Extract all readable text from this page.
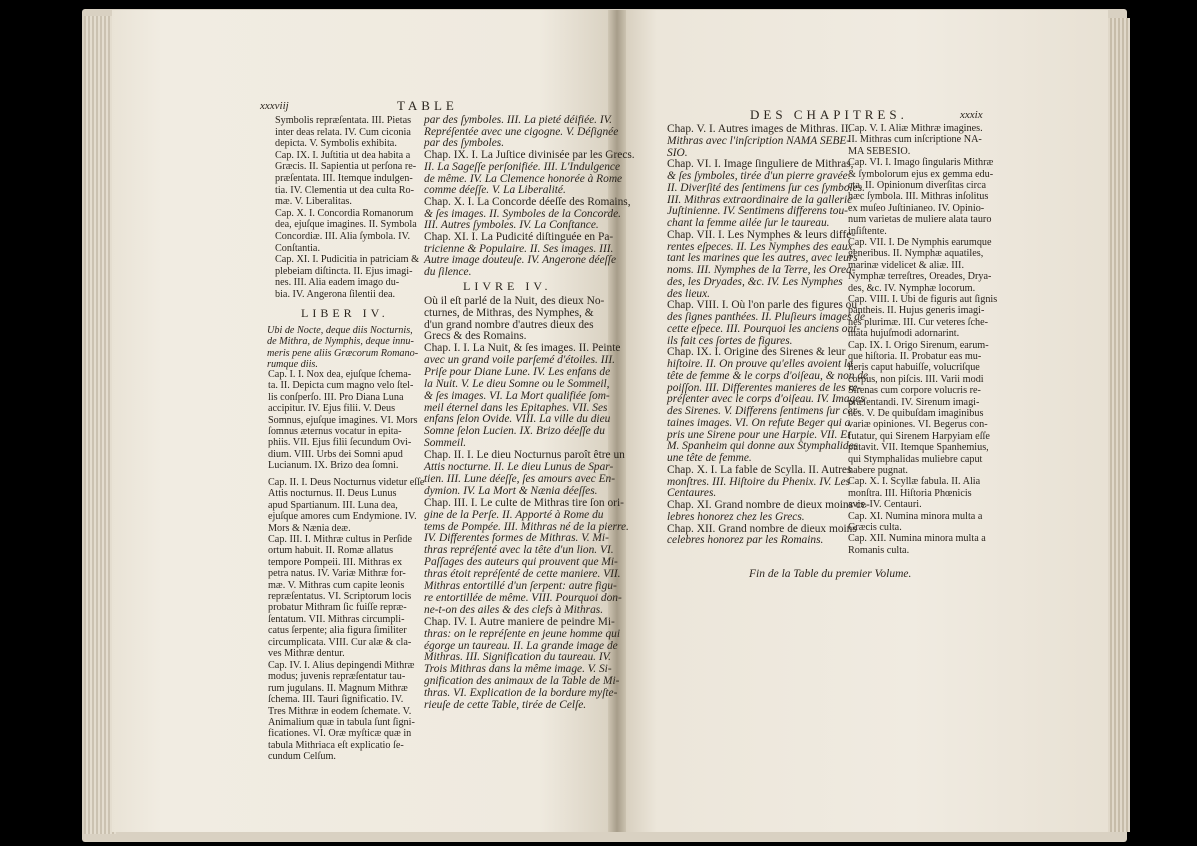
xxxviij	TABLE
LIBER IV.
LIVRE IV.
DES CHAPITRES.	xxxix
Fin de la Table du premier Volume.
Symbolis repræſentata. III. Pietas
inter deas relata. IV. Cum ciconia
depicta. V. Symbolis exhibita.
Cap. IX. I. Juſtitia ut dea habita a
Græcis. II. Sapientia ut perſona re-
præſentata. III. Itemque indulgen-
tia. IV. Clementia ut dea culta Ro-
mæ. V. Liberalitas.
Cap. X. I. Concordia Romanorum
dea, ejuſque imagines. II. Symbola
Concordiæ. III. Alia ſymbola. IV.
Conſtantia.
Cap. XI. I. Pudicitia in patriciam &
plebeiam diſtincta. II. Ejus imagi-
nes. III. Alia eadem imago du-
bia. IV. Angerona ſilentii dea.
Ubi de Nocte, deque diis Nocturnis,
de Mithra, de Nymphis, deque innu-
meris pene aliis Græcorum Romano-
rumque diis.
Cap. I. I. Nox dea, ejuſque ſchema-
ta. II. Depicta cum magno velo ſtel-
lis conſperſo. III. Pro Diana Luna
accipitur. IV. Ejus filii. V. Deus
Somnus, ejuſque imagines. VI. Mors
ſomnus æternus vocatur in epita-
phiis. VII. Ejus filii ſecundum Ovi-
dium. VIII. Urbs dei Somni apud
Lucianum. IX. Brizo dea ſomni.
Cap. II. I. Deus Nocturnus videtur eſſe
Attis nocturnus. II. Deus Lunus
apud Spartianum. III. Luna dea,
ejuſque amores cum Endymione. IV.
Mors & Nænia deæ.
Cap. III. I. Mithræ cultus in Perſide
ortum habuit. II. Romæ allatus
tempore Pompeii. III. Mithras ex
petra natus. IV. Variæ Mithræ for-
mæ. V. Mithras cum capite leonis
repræſentatus. VI. Scriptorum locis
probatur Mithram ſic fuiſſe repræ-
ſentatum. VII. Mithras circumpli-
catus ſerpente; alia figura ſimiliter
circumplicata. VIII. Cur alæ & cla-
ves Mithræ dentur.
Cap. IV. I. Alius depingendi Mithræ
modus; juvenis repræſentatur tau-
rum jugulans. II. Magnum Mithræ
ſchema. III. Tauri ſignificatio. IV.
Tres Mithræ in eodem ſchemate. V.
Animalium quæ in tabula ſunt ſigni-
ficationes. VI. Oræ myſticæ quæ in
tabula Mithriaca eſt explicatio ſe-
cundum Celſum.
par des ſymboles. III. La pieté déifiée. IV.
Repréſentée avec une cigogne. V. Déſignée
par des ſymboles.
Chap. IX. I. La Juſtice divinisée par les Grecs.
II. La Sageſſe perſonifiée. III. L'Indulgence
de même. IV. La Clemence honorée à Rome
comme déeſſe. V. La Liberalité.
Chap. X. I. La Concorde déeſſe des Romains,
& ſes images. II. Symboles de la Concorde.
III. Autres ſymboles. IV. La Conſtance.
Chap. XI. I. La Pudicité diſtinguée en Pa-
tricienne & Populaire. II. Ses images. III.
Autre image douteuſe. IV. Angerone déeſſe
du ſilence.
Où il eſt parlé de la Nuit, des dieux No-
cturnes, de Mithras, des Nymphes, &
d'un grand nombre d'autres dieux des
Grecs & des Romains.
Chap. I. I. La Nuit, & ſes images. II. Peinte
avec un grand voile parſemé d'étoiles. III.
Priſe pour Diane Lune. IV. Les enfans de
la Nuit. V. Le dieu Somne ou le Sommeil,
& ſes images. VI. La Mort qualifiée ſom-
meil éternel dans les Epitaphes. VII. Ses
enfans ſelon Ovide. VIII. La ville du dieu
Somne ſelon Lucien. IX. Brizo déeſſe du
Sommeil.
Chap. II. I. Le dieu Nocturnus paroît être un
Attis nocturne. II. Le dieu Lunus de Spar-
tien. III. Lune déeſſe, ſes amours avec En-
dymion. IV. La Mort & Nænia déeſſes.
Chap. III. I. Le culte de Mithras tire ſon ori-
gine de la Perſe. II. Apporté à Rome du
tems de Pompée. III. Mithras né de la pierre.
IV. Differentes formes de Mithras. V. Mi-
thras repréſenté avec la tête d'un lion. VI.
Paſſages des auteurs qui prouvent que Mi-
thras étoit repréſenté de cette maniere. VII.
Mithras entortillé d'un ſerpent: autre figu-
re entortillée de même. VIII. Pourquoi don-
ne-t-on des ailes & des clefs à Mithras.
Chap. IV. I. Autre maniere de peindre Mi-
thras: on le repréſente en jeune homme qui
égorge un taureau. II. La grande image de
Mithras. III. Signification du taureau. IV.
Trois Mithras dans la même image. V. Si-
gnification des animaux de la Table de Mi-
thras. VI. Explication de la bordure myſte-
rieuſe de cette Table, tirée de Celſe.
Chap. V. I. Autres images de Mithras. II.
Mithras avec l'inſcription NAMA SEBE-
SIO.
Chap. VI. I. Image ſinguliere de Mithras,
& ſes ſymboles, tirée d'un pierre gravée.
II. Diverſité des ſentimens ſur ces ſymboles.
III. Mithras extraordinaire de la gallerie
Juſtinienne. IV. Sentimens differens tou-
chant la femme ailée ſur le taureau.
Chap. VII. I. Les Nymphes & leurs diffe-
rentes eſpeces. II. Les Nymphes des eaux,
tant les marines que les autres, avec leurs
noms. III. Nymphes de la Terre, les Orea-
des, les Dryades, &c. IV. Les Nymphes
des lieux.
Chap. VIII. I. Où l'on parle des figures ou
des ſignes panthées. II. Pluſieurs images de
cette eſpece. III. Pourquoi les anciens ont-
ils fait ces ſortes de figures.
Chap. IX. I. Origine des Sirenes & leur
hiſtoire. II. On prouve qu'elles avoient la
tête de femme & le corps d'oiſeau, & non de
poiſſon. III. Differentes manieres de les re-
préſenter avec le corps d'oiſeau. IV. Images
des Sirenes. V. Differens ſentimens ſur cer-
taines images. VI. On refute Beger qui a
pris une Sirene pour une Harpie. VII. Et
M. Spanheim qui donne aux Stymphalides
une tête de femme.
Chap. X. I. La fable de Scylla. II. Autres
monſtres. III. Hiſtoire du Phenix. IV. Les
Centaures.
Chap. XI. Grand nombre de dieux moins ce-
lebres honorez chez les Grecs.
Chap. XII. Grand nombre de dieux moins
celebres honorez par les Romains.
Cap. V. I. Aliæ Mithræ imagines.
II. Mithras cum inſcriptione NA-
MA SEBESIO.
Cap. VI. I. Imago ſingularis Mithræ
& ſymbolorum ejus ex gemma edu-
cta. II. Opinionum diverſitas circa
hæc ſymbola. III. Mithras inſolitus
ex muſeo Juſtinianeo. IV. Opinio-
num varietas de muliere alata tauro
inſiſtente.
Cap. VII. I. De Nymphis earumque
generibus. II. Nymphæ aquatiles,
marinæ videlicet & aliæ. III.
Nymphæ terreſtres, Oreades, Drya-
des, &c. IV. Nymphæ locorum.
Cap. VIII. I. Ubi de figuris aut ſignis
pantheis. II. Hujus generis imagi-
nes plurimæ. III. Cur veteres ſche-
mata hujuſmodi adornarint.
Cap. IX. I. Origo Sirenum, earum-
que hiſtoria. II. Probatur eas mu-
lieris caput habuiſſe, volucriſque
corpus, non piſcis. III. Varii modi
Sirenas cum corpore volucris re-
præſentandi. IV. Sirenum imagi-
nes. V. De quibuſdam imaginibus
variæ opiniones. VI. Begerus con-
futatur, qui Sirenem Harpyiam eſſe
putavit. VII. Itemque Spanhemius,
qui Stymphalidas muliebre caput
habere pugnat.
Cap. X. I. Scyllæ fabula. II. Alia
monſtra. III. Hiſtoria Phœnicis
avis. IV. Centauri.
Cap. XI. Numina minora multa a
Græcis culta.
Cap. XII. Numina minora multa a
Romanis culta.
